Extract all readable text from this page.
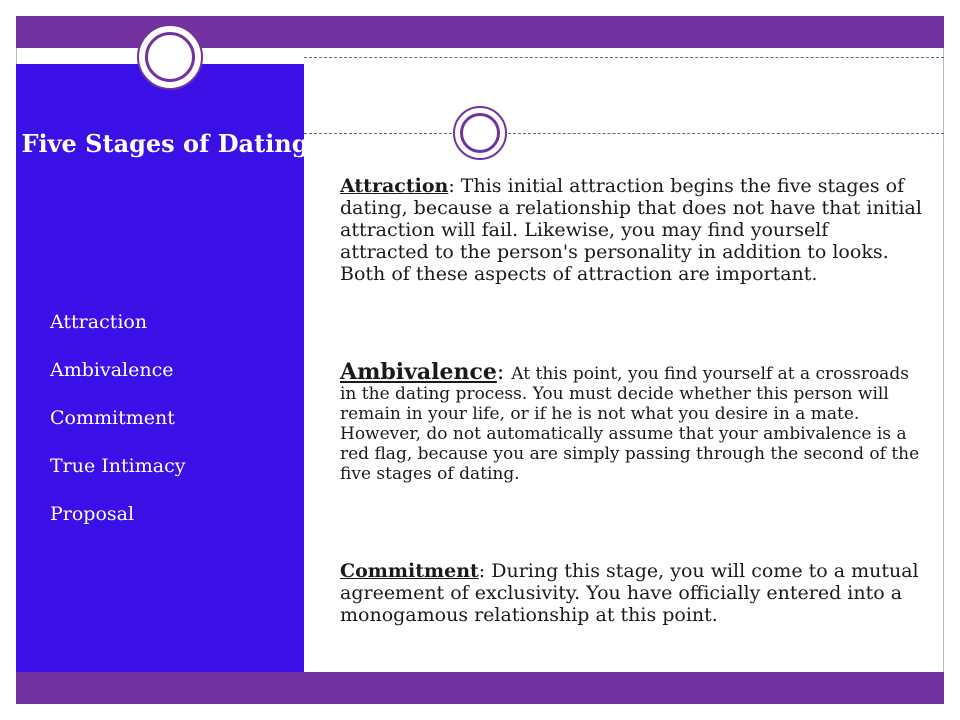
Five Stages of Dating
Attraction
Ambivalence
Commitment
True Intimacy
Proposal

Attraction: This initial attraction begins the five stages of dating, because a relationship that does not have that initial attraction will fail. Likewise, you may find yourself attracted to the person's personality in addition to looks. Both of these aspects of attraction are important.

Ambivalence: At this point, you find yourself at a crossroads in the dating process. You must decide whether this person will remain in your life, or if he is not what you desire in a mate. However, do not automatically assume that your ambivalence is a red flag, because you are simply passing through the second of the five stages of dating.

Commitment: During this stage, you will come to a mutual agreement of exclusivity. You have officially entered into a monogamous relationship at this point.
